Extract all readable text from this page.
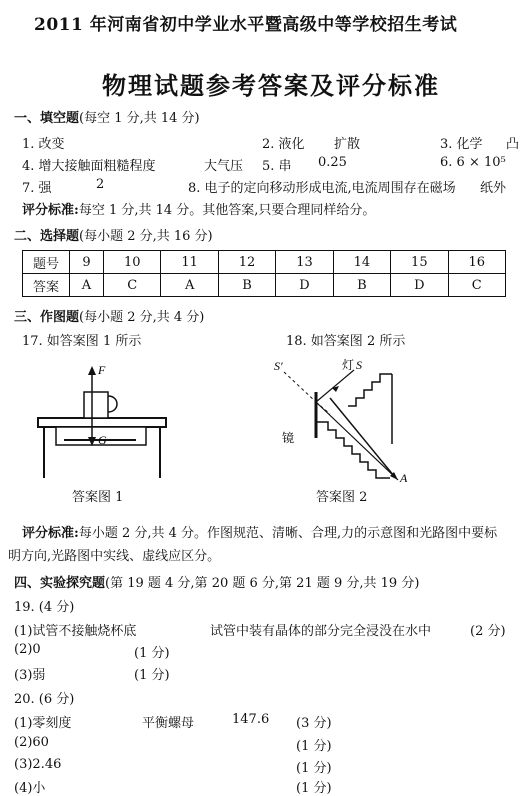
2011 年河南省初中学业水平暨高级中等学校招生考试
物理试题参考答案及评分标准
一、填空题(每空 1 分,共 14 分)
1. 改变	2. 液化 扩散	3. 化学 凸
4. 增大接触面粗糙程度	大气压 5. 串 0.25	6. 6 × 10⁵
7. 强	2	8. 电子的定向移动形成电流,电流周围存在磁场 纸外
评分标准:每空 1 分,共 14 分。其他答案,只要合理同样给分。
二、选择题(每小题 2 分,共 16 分)
题号	9	10	11	12	13	14	15	16
答案	A	C	A	B	D	B	D	C
三、作图题(每小题 2 分,共 4 分)
17. 如答案图 1 所示	18. 如答案图 2 所示
F
G
答案图 1
S′	灯 S
镜
A
答案图 2
评分标准:每小题 2 分,共 4 分。作图规范、清晰、合理,力的示意图和光路图中要标
明方向,光路图中实线、虚线应区分。
四、实验探究题(第 19 题 4 分,第 20 题 6 分,第 21 题 9 分,共 19 分)
19. (4 分)
(1)试管不接触烧杯底	试管中装有晶体的部分完全浸没在水中	(2 分)
(2)0	(1 分)
(3)弱	(1 分)
20. (6 分)
(1)零刻度	平衡螺母	147.6 (3 分)
(2)60	(1 分)
(3)2.46	(1 分)
(4)小	(1 分)
